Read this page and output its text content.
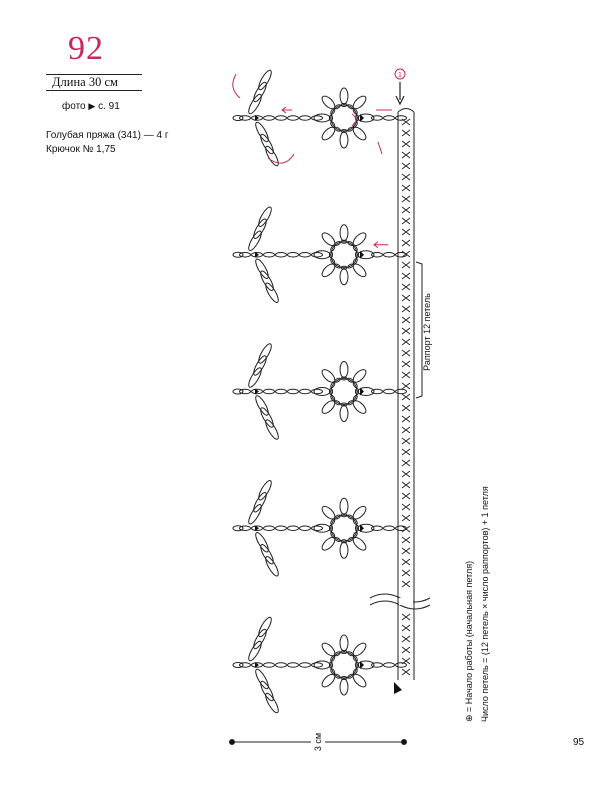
92
Длина 30 см
фото ▶ с. 91
Голубая пряжа (341) — 4 г
Крючок № 1,75
1
Раппорт 12 петель
3 см
⊕ = Начало работы (начальная петля) Число петель = (12 петель × число раппортов) + 1 петля
95
